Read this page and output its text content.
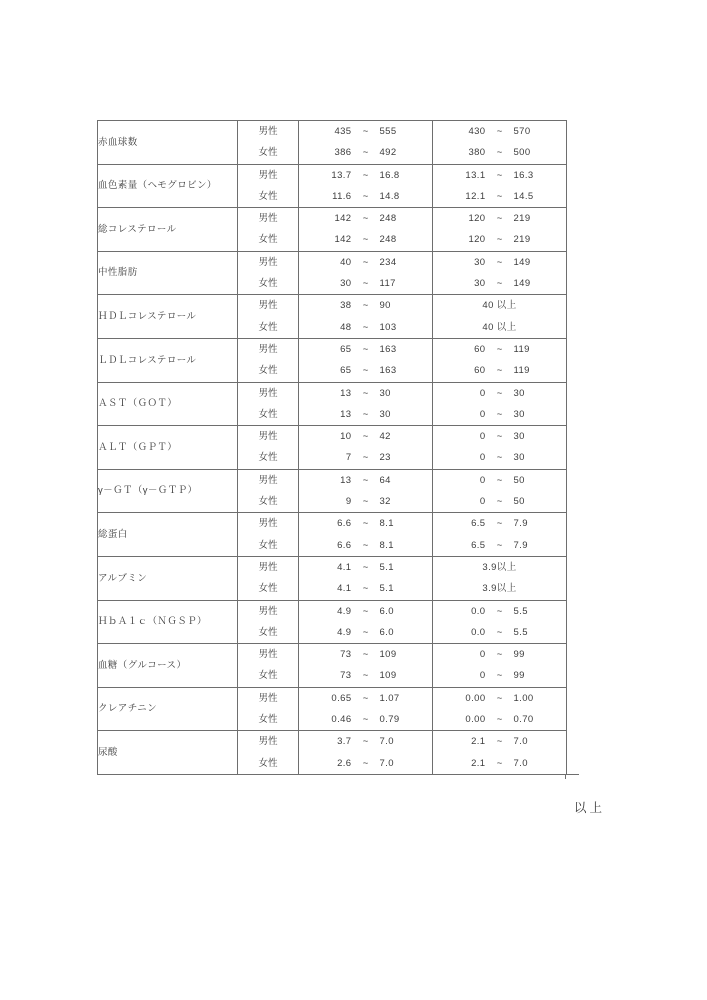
赤血球数	男性	435 ~ 555	430 ~ 570

	女性	386 ~ 492	380 ~ 500

血色素量（ヘモグロビン）	男性	13.7 ~ 16.8	13.1 ~ 16.3

	女性	11.6 ~ 14.8	12.1 ~ 14.5

総コレステロール	男性	142 ~ 248	120 ~ 219

	女性	142 ~ 248	120 ~ 219

中性脂肪	男性	40 ~ 234	30 ~ 149

	女性	30 ~ 117	30 ~ 149

ＨＤＬコレステロール	男性	38 ~ 90	40 以上

	女性	48 ~ 103	40 以上

ＬＤＬコレステロール	男性	65 ~ 163	60 ~ 119

	女性	65 ~ 163	60 ~ 119

ＡＳＴ（ＧＯＴ）	男性	13 ~ 30	0 ~ 30

	女性	13 ~ 30	0 ~ 30

ＡＬＴ（ＧＰＴ）	男性	10 ~ 42	0 ~ 30

	女性	7 ~ 23	0 ~ 30

γ－ＧＴ（γ－ＧＴＰ）	男性	13 ~ 64	0 ~ 50

	女性	9 ~ 32	0 ~ 50

総蛋白	男性	6.6 ~ 8.1	6.5 ~ 7.9

	女性	6.6 ~ 8.1	6.5 ~ 7.9

アルブミン	男性	4.1 ~ 5.1	3.9以上

	女性	4.1 ~ 5.1	3.9以上

ＨｂＡ１ｃ（ＮＧＳＰ）	男性	4.9 ~ 6.0	0.0 ~ 5.5

	女性	4.9 ~ 6.0	0.0 ~ 5.5

血糖（グルコース）	男性	73 ~ 109	0 ~ 99

	女性	73 ~ 109	0 ~ 99

クレアチニン	男性	0.65 ~ 1.07	0.00 ~ 1.00

	女性	0.46 ~ 0.79	0.00 ~ 0.70

尿酸	男性	3.7 ~ 7.0	2.1 ~ 7.0

	女性	2.6 ~ 7.0	2.1 ~ 7.0
以上
